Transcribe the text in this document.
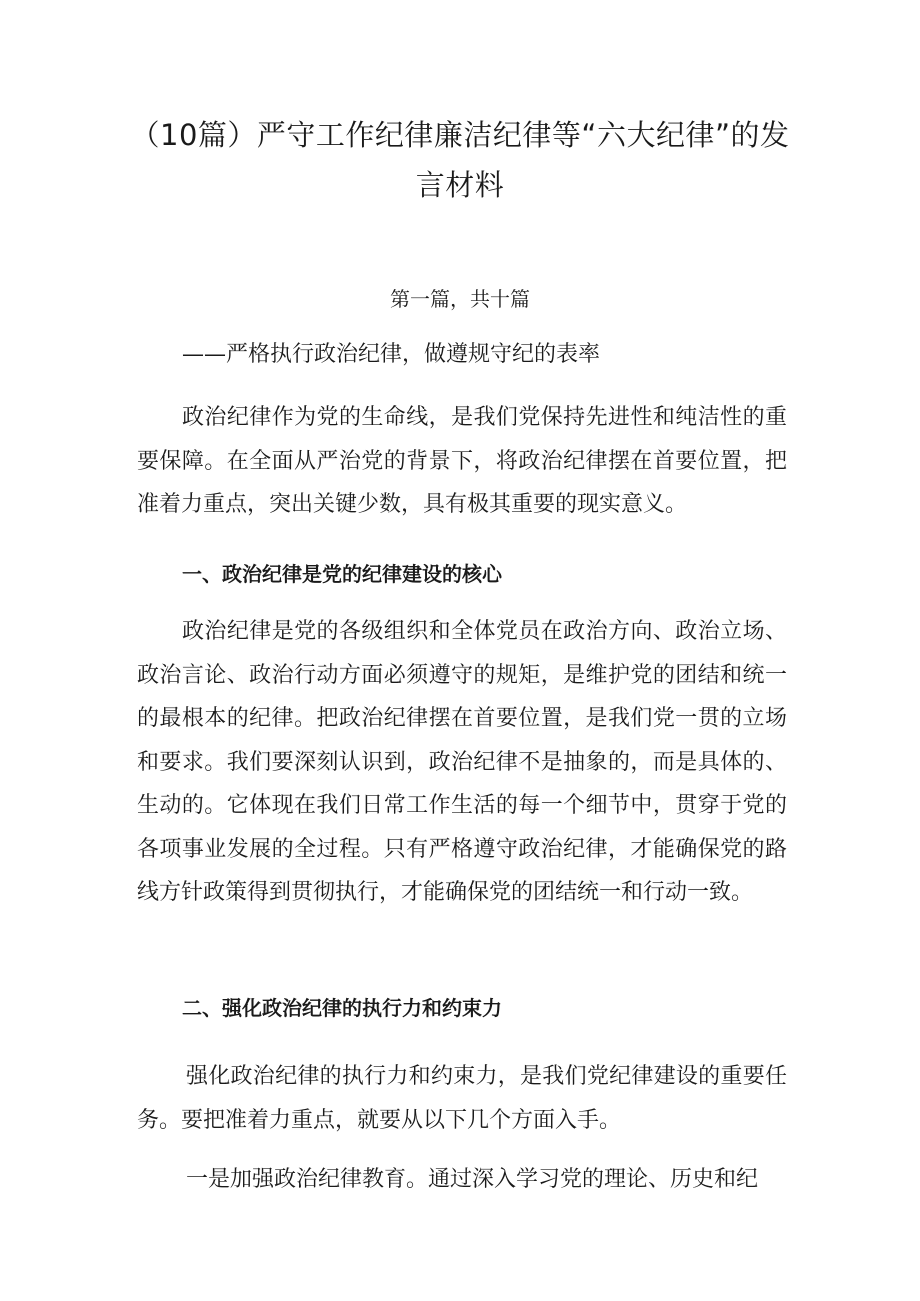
（10篇）严守工作纪律廉洁纪律等“六大纪律”的发言材料

第一篇，共十篇

——严格执行政治纪律，做遵规守纪的表率

政治纪律作为党的生命线，是我们党保持先进性和纯洁性的重要保障。在全面从严治党的背景下，将政治纪律摆在首要位置，把准着力重点，突出关键少数，具有极其重要的现实意义。

一、政治纪律是党的纪律建设的核心

政治纪律是党的各级组织和全体党员在政治方向、政治立场、政治言论、政治行动方面必须遵守的规矩，是维护党的团结和统一的最根本的纪律。把政治纪律摆在首要位置，是我们党一贯的立场和要求。我们要深刻认识到，政治纪律不是抽象的，而是具体的、生动的。它体现在我们日常工作生活的每一个细节中，贯穿于党的各项事业发展的全过程。只有严格遵守政治纪律，才能确保党的路线方针政策得到贯彻执行，才能确保党的团结统一和行动一致。

二、强化政治纪律的执行力和约束力

强化政治纪律的执行力和约束力，是我们党纪律建设的重要任务。要把准着力重点，就要从以下几个方面入手。

一是加强政治纪律教育。通过深入学习党的理论、历史和纪
